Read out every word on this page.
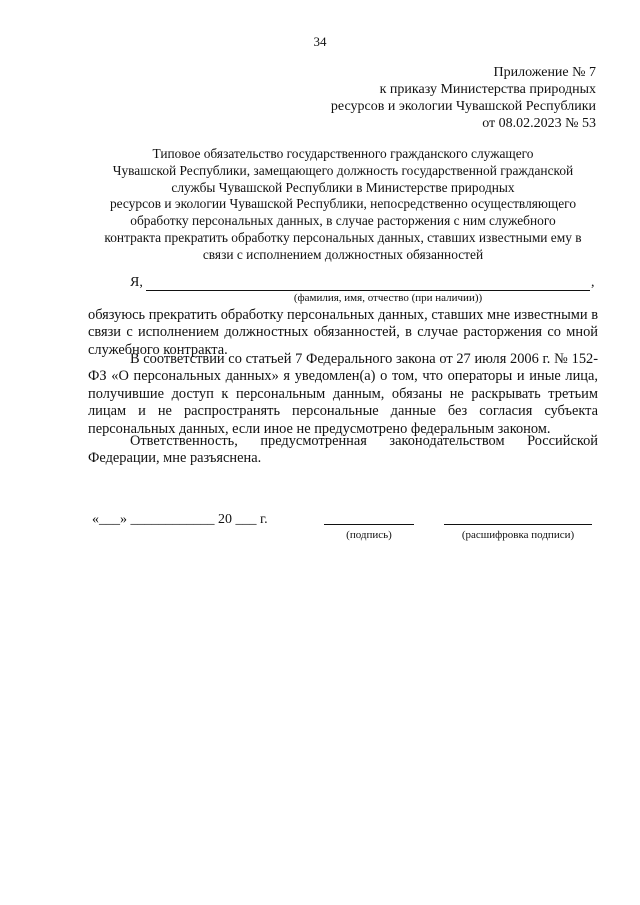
34
Приложение № 7
к приказу Министерства природных
ресурсов и экологии Чувашской Республики
от 08.02.2023 № 53
Типовое обязательство государственного гражданского служащего
Чувашской Республики, замещающего должность государственной гражданской
службы Чувашской Республики в Министерстве природных
ресурсов и экологии Чувашской Республики, непосредственно осуществляющего
обработку персональных данных, в случае расторжения с ним служебного
контракта прекратить обработку персональных данных, ставших известными ему в
связи с исполнением должностных обязанностей
Я,	,
(фамилия, имя, отчество (при наличии))
обязуюсь прекратить обработку персональных данных, ставших мне известными в связи с исполнением должностных обязанностей, в случае расторжения со мной служебного контракта.
В соответствии со статьей 7 Федерального закона от 27 июля 2006 г. № 152-ФЗ «О персональных данных» я уведомлен(а) о том, что операторы и иные лица, получившие доступ к персональным данным, обязаны не раскрывать третьим лицам и не распространять персональные данные без согласия субъекта персональных данных, если иное не предусмотрено федеральным законом.
Ответственность, предусмотренная законодательством Российской Федерации, мне разъяснена.
«___» ____________ 20 ___ г.
(подпись)	(расшифровка подписи)
